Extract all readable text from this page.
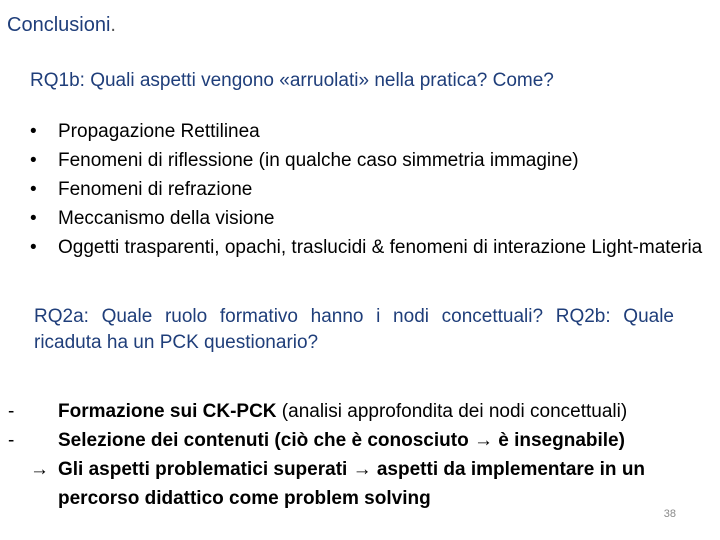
Conclusioni.
RQ1b: Quali aspetti vengono «arruolati» nella pratica? Come?
•	Propagazione Rettilinea
•	Fenomeni di riflessione (in qualche caso simmetria immagine)
•	Fenomeni di refrazione
•	Meccanismo della visione
•	Oggetti trasparenti, opachi, traslucidi & fenomeni di interazione Light-materia
RQ2a: Quale ruolo formativo hanno i nodi concettuali? RQ2b: Quale ricaduta ha un PCK questionario?
-	Formazione sui CK-PCK (analisi approfondita dei nodi concettuali)
-	Selezione dei contenuti (ciò che è conosciuto → è insegnabile)
→ Gli aspetti problematici superati → aspetti da implementare in un percorso didattico come problem solving
38
